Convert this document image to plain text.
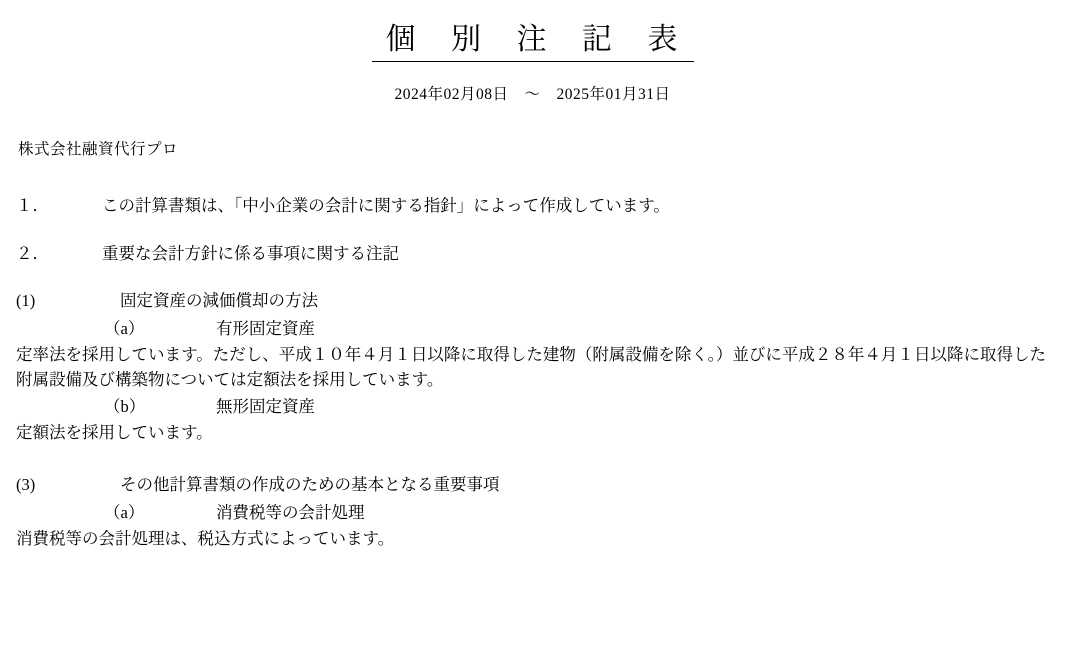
個 別 注 記 表
2024年02月08日　〜　2025年01月31日
株式会社融資代行プロ
１．	この計算書類は、「中小企業の会計に関する指針」によって作成しています。
２．	重要な会計方針に係る事項に関する注記
(1)	固定資産の減価償却の方法
（a）	有形固定資産
定率法を採用しています。ただし、平成１０年４月１日以降に取得した建物（附属設備を除く。）並びに平成２８年４月１日以降に取得した附属設備及び構築物については定額法を採用しています。
（b）	無形固定資産
定額法を採用しています。
(3)	その他計算書類の作成のための基本となる重要事項
（a）	消費税等の会計処理
消費税等の会計処理は、税込方式によっています。
